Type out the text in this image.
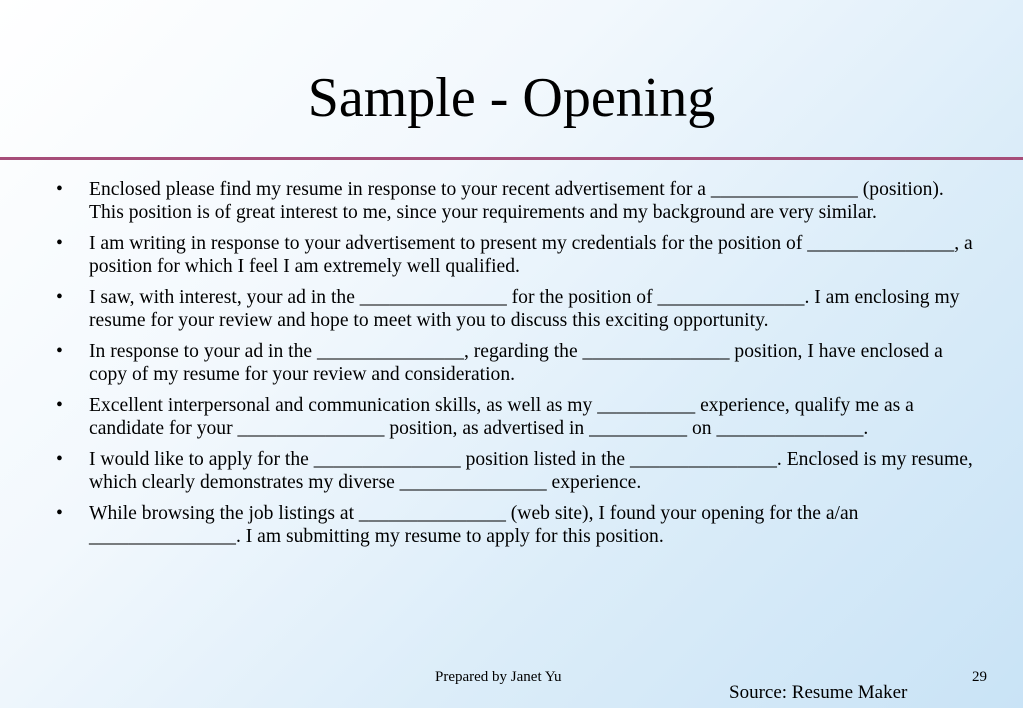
Sample - Opening
• Enclosed please find my resume in response to your recent advertisement for a _______________ (position). This position is of great interest to me, since your requirements and my background are very similar.
• I am writing in response to your advertisement to present my credentials for the position of _______________, a position for which I feel I am extremely well qualified.
• I saw, with interest, your ad in the _______________ for the position of _______________. I am enclosing my resume for your review and hope to meet with you to discuss this exciting opportunity.
• In response to your ad in the _______________, regarding the _______________ position, I have enclosed a copy of my resume for your review and consideration.
• Excellent interpersonal and communication skills, as well as my __________ experience, qualify me as a candidate for your _______________ position, as advertised in __________ on _______________.
• I would like to apply for the _______________ position listed in the _______________. Enclosed is my resume, which clearly demonstrates my diverse _______________ experience.
• While browsing the job listings at _______________ (web site), I found your opening for the a/an _______________. I am submitting my resume to apply for this position.
Prepared by Janet Yu	29
Source: Resume Maker
